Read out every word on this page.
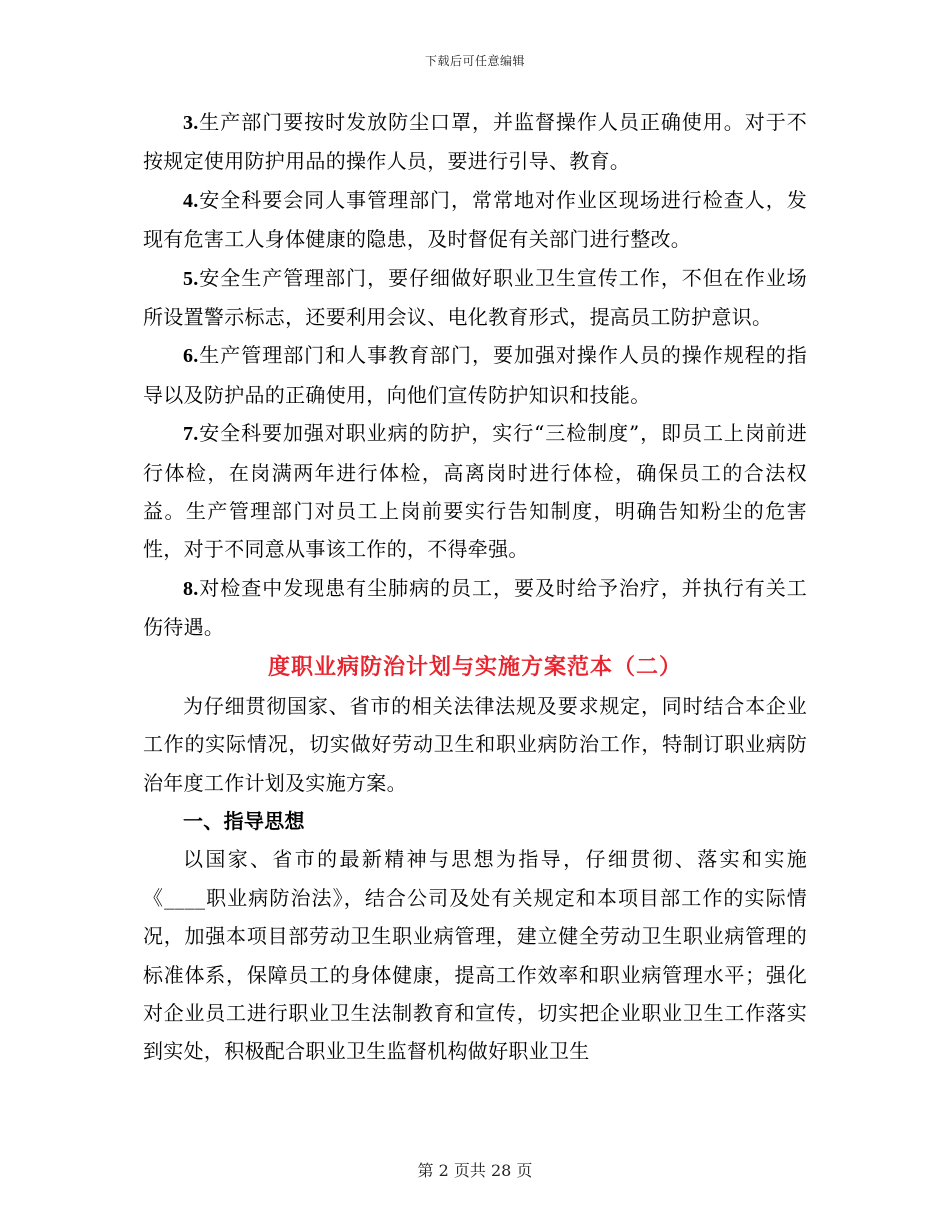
下载后可任意编辑

3.生产部门要按时发放防尘口罩，并监督操作人员正确使用。对于不按规定使用防护用品的操作人员，要进行引导、教育。

4.安全科要会同人事管理部门，常常地对作业区现场进行检查人，发现有危害工人身体健康的隐患，及时督促有关部门进行整改。

5.安全生产管理部门，要仔细做好职业卫生宣传工作，不但在作业场所设置警示标志，还要利用会议、电化教育形式，提高员工防护意识。

6.生产管理部门和人事教育部门，要加强对操作人员的操作规程的指导以及防护品的正确使用，向他们宣传防护知识和技能。

7.安全科要加强对职业病的防护，实行“三检制度”，即员工上岗前进行体检，在岗满两年进行体检，高离岗时进行体检，确保员工的合法权益。生产管理部门对员工上岗前要实行告知制度，明确告知粉尘的危害性，对于不同意从事该工作的，不得牵强。

8.对检查中发现患有尘肺病的员工，要及时给予治疗，并执行有关工伤待遇。

度职业病防治计划与实施方案范本（二）

为仔细贯彻国家、省市的相关法律法规及要求规定，同时结合本企业工作的实际情况，切实做好劳动卫生和职业病防治工作，特制订职业病防治年度工作计划及实施方案。

一、指导思想

以国家、省市的最新精神与思想为指导，仔细贯彻、落实和实施《____职业病防治法》，结合公司及处有关规定和本项目部工作的实际情况，加强本项目部劳动卫生职业病管理，建立健全劳动卫生职业病管理的标准体系，保障员工的身体健康，提高工作效率和职业病管理水平；强化对企业员工进行职业卫生法制教育和宣传，切实把企业职业卫生工作落实到实处，积极配合职业卫生监督机构做好职业卫生

第 2 页共 28 页
